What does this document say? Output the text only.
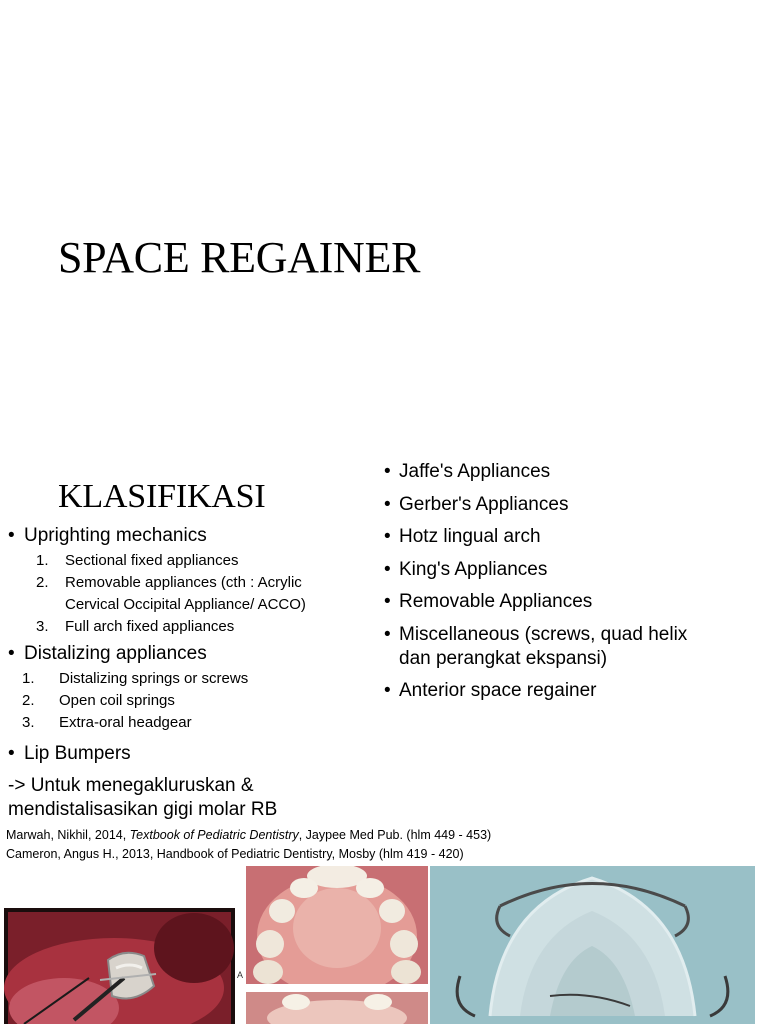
SPACE REGAINER
KLASIFIKASI
• Uprighting mechanics
1. Sectional fixed appliances
2. Removable appliances (cth : Acrylic
Cervical Occipital Appliance/ ACCO)
3. Full arch fixed appliances
• Distalizing appliances
1. Distalizing springs or screws
2. Open coil springs
3. Extra-oral headgear
• Lip Bumpers
-> Untuk menegakluruskan &
mendistalisasikan gigi molar RB
• Jaffe's Appliances
• Gerber's Appliances
• Hotz lingual arch
• King's Appliances
• Removable Appliances
• Miscellaneous (screws, quad helix dan perangkat ekspansi)
• Anterior space regainer
Marwah, Nikhil, 2014, Textbook of Pediatric Dentistry, Jaypee Med Pub. (hlm 449 - 453)
Cameron, Angus H., 2013, Handbook of Pediatric Dentistry, Mosby (hlm 419 - 420)
A
